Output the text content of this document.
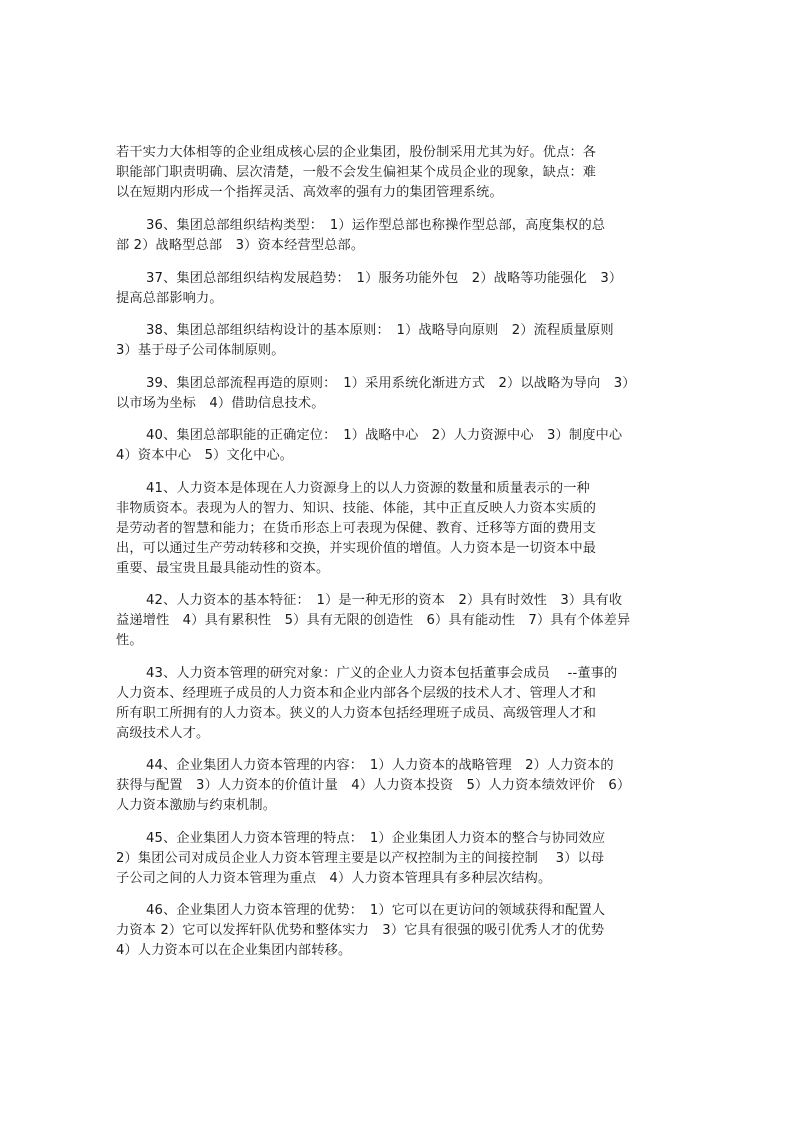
若干实力大体相等的企业组成核心层的企业集团，股份制采用尤其为好。优点：各
职能部门职责明确、层次清楚，一般不会发生偏袒某个成员企业的现象，缺点：难
以在短期内形成一个指挥灵活、高效率的强有力的集团管理系统。

36、集团总部组织结构类型：　1）运作型总部也称操作型总部，高度集权的总
部 2）战略型总部　3）资本经营型总部。

37、集团总部组织结构发展趋势：　1）服务功能外包　2）战略等功能强化　3）
提高总部影响力。

38、集团总部组织结构设计的基本原则：　1）战略导向原则　2）流程质量原则
3）基于母子公司体制原则。

39、集团总部流程再造的原则：　1）采用系统化渐进方式　2）以战略为导向　3）
以市场为坐标　4）借助信息技术。

40、集团总部职能的正确定位：　1）战略中心　2）人力资源中心　3）制度中心
4）资本中心　5）文化中心。

41、人力资本是体现在人力资源身上的以人力资源的数量和质量表示的一种
非物质资本。表现为人的智力、知识、技能、体能，其中正直反映人力资本实质的
是劳动者的智慧和能力；在货币形态上可表现为保健、教育、迁移等方面的费用支
出，可以通过生产劳动转移和交换，并实现价值的增值。人力资本是一切资本中最
重要、最宝贵且最具能动性的资本。

42、人力资本的基本特征：　1）是一种无形的资本　2）具有时效性　3）具有收
益递增性　4）具有累积性　5）具有无限的创造性　6）具有能动性　7）具有个体差异
性。

43、人力资本管理的研究对象：广义的企业人力资本包括董事会成员　 --董事的
人力资本、经理班子成员的人力资本和企业内部各个层级的技术人才、管理人才和
所有职工所拥有的人力资本。狭义的人力资本包括经理班子成员、高级管理人才和
高级技术人才。

44、企业集团人力资本管理的内容：　1）人力资本的战略管理　2）人力资本的
获得与配置　3）人力资本的价值计量　4）人力资本投资　5）人力资本绩效评价　6）
人力资本激励与约束机制。

45、企业集团人力资本管理的特点：　1）企业集团人力资本的整合与协同效应
2）集团公司对成员企业人力资本管理主要是以产权控制为主的间接控制　 3）以母
子公司之间的人力资本管理为重点　4）人力资本管理具有多种层次结构。

46、企业集团人力资本管理的优势：　1）它可以在更访问的领域获得和配置人
力资本 2）它可以发挥轩队优势和整体实力　3）它具有很强的吸引优秀人才的优势
4）人力资本可以在企业集团内部转移。
